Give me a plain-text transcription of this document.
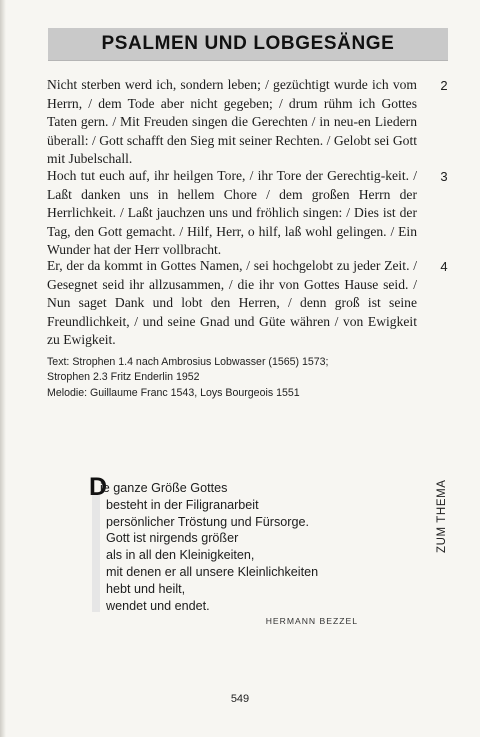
PSALMEN UND LOBGESÄNGE

Nicht sterben werd ich, sondern leben; / gezüchtigt wurde ich vom Herrn, / dem Tode aber nicht gegeben; / drum rühm ich Gottes Taten gern. / Mit Freuden singen die Gerechten / in neu-en Liedern überall: / Gott schafft den Sieg mit seiner Rechten. / Gelobt sei Gott mit Jubelschall.

2

Hoch tut euch auf, ihr heilgen Tore, / ihr Tore der Gerechtig-keit. / Laßt danken uns in hellem Chore / dem großen Herrn der Herrlichkeit. / Laßt jauchzen uns und fröhlich singen: / Dies ist der Tag, den Gott gemacht. / Hilf, Herr, o hilf, laß wohl gelingen. / Ein Wunder hat der Herr vollbracht.

3

Er, der da kommt in Gottes Namen, / sei hochgelobt zu jeder Zeit. / Gesegnet seid ihr allzusammen, / die ihr von Gottes Hause seid. / Nun saget Dank und lobt den Herren, / denn groß ist seine Freundlichkeit, / und seine Gnad und Güte währen / von Ewigkeit zu Ewigkeit.

4
Text: Strophen 1.4 nach Ambrosius Lobwasser (1565) 1573;
Strophen 2.3 Fritz Enderlin 1952
Melodie: Guillaume Franc 1543, Loys Bourgeois 1551
ZUM THEMA
D
ie ganze Größe Gottes
besteht in der Filigranarbeit
persönlicher Tröstung und Fürsorge.
Gott ist nirgends größer
als in all den Kleinigkeiten,
mit denen er all unsere Kleinlichkeiten
hebt und heilt,
wendet und endet.
HERMANN BEZZEL
549
